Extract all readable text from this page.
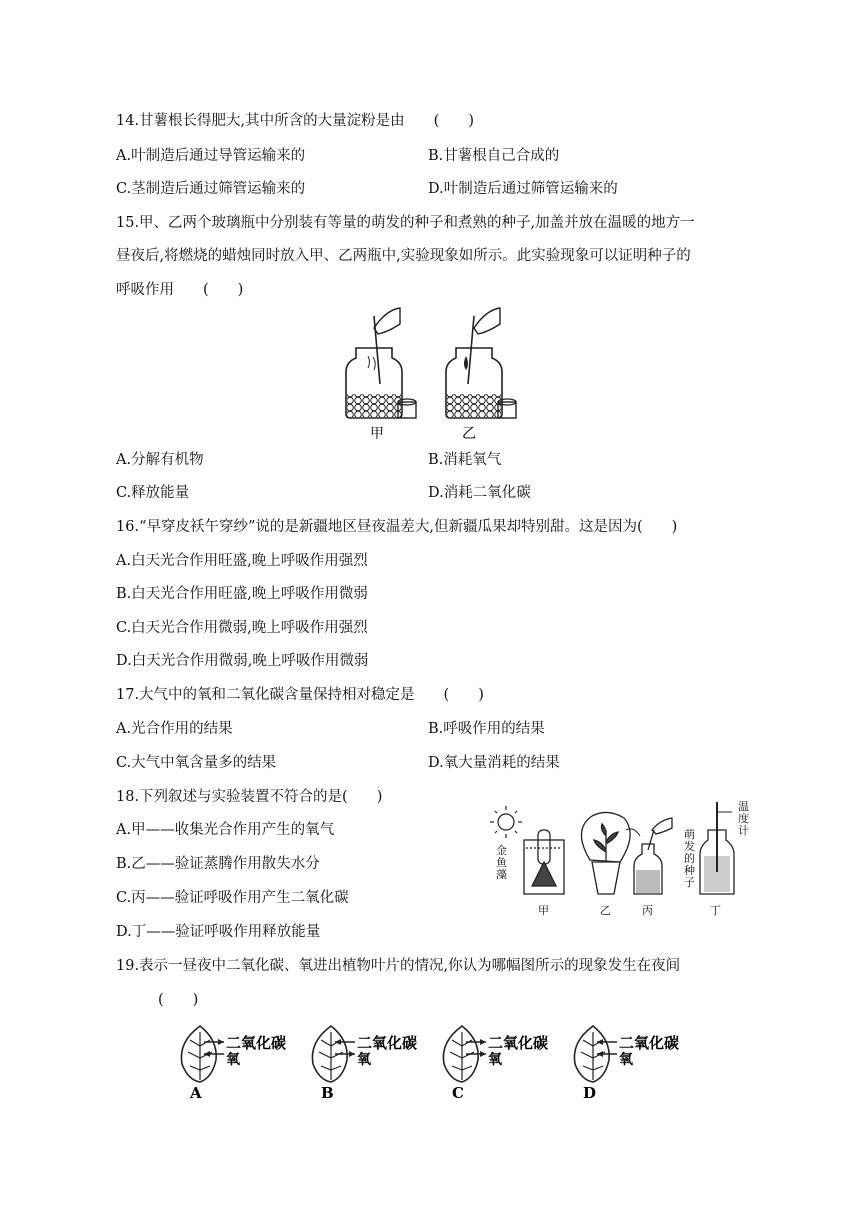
14.甘薯根长得肥大,其中所含的大量淀粉是由　　(　　)
A.叶制造后通过导管运输来的	B.甘薯根自己合成的
C.茎制造后通过筛管运输来的	D.叶制造后通过筛管运输来的
15.甲、乙两个玻璃瓶中分别装有等量的萌发的种子和煮熟的种子,加盖并放在温暖的地方一
昼夜后,将燃烧的蜡烛同时放入甲、乙两瓶中,实验现象如所示。此实验现象可以证明种子的
呼吸作用　　(　　)
甲	乙
A.分解有机物	B.消耗氧气
C.释放能量	D.消耗二氧化碳
16.“早穿皮袄午穿纱”说的是新疆地区昼夜温差大,但新疆瓜果却特别甜。这是因为(　　)
A.白天光合作用旺盛,晚上呼吸作用强烈
B.白天光合作用旺盛,晚上呼吸作用微弱
C.白天光合作用微弱,晚上呼吸作用强烈
D.白天光合作用微弱,晚上呼吸作用微弱
17.大气中的氧和二氧化碳含量保持相对稳定是　　(　　)
A.光合作用的结果	B.呼吸作用的结果
C.大气中氧含量多的结果	D.氧大量消耗的结果
18.下列叙述与实验装置不符合的是(　　)
A.甲——收集光合作用产生的氧气
B.乙——验证蒸腾作用散失水分
C.丙——验证呼吸作用产生二氧化碳
D.丁——验证呼吸作用释放能量
金
鱼
藻
萌
发
的
种
子
温
度
计
甲	乙	丙	丁
19.表示一昼夜中二氧化碳、氧进出植物叶片的情况,你认为哪幅图所示的现象发生在夜间
(　　)
二氧化碳
氧
A
二氧化碳
氧
B
二氧化碳
氧
C
二氧化碳
氧
D
